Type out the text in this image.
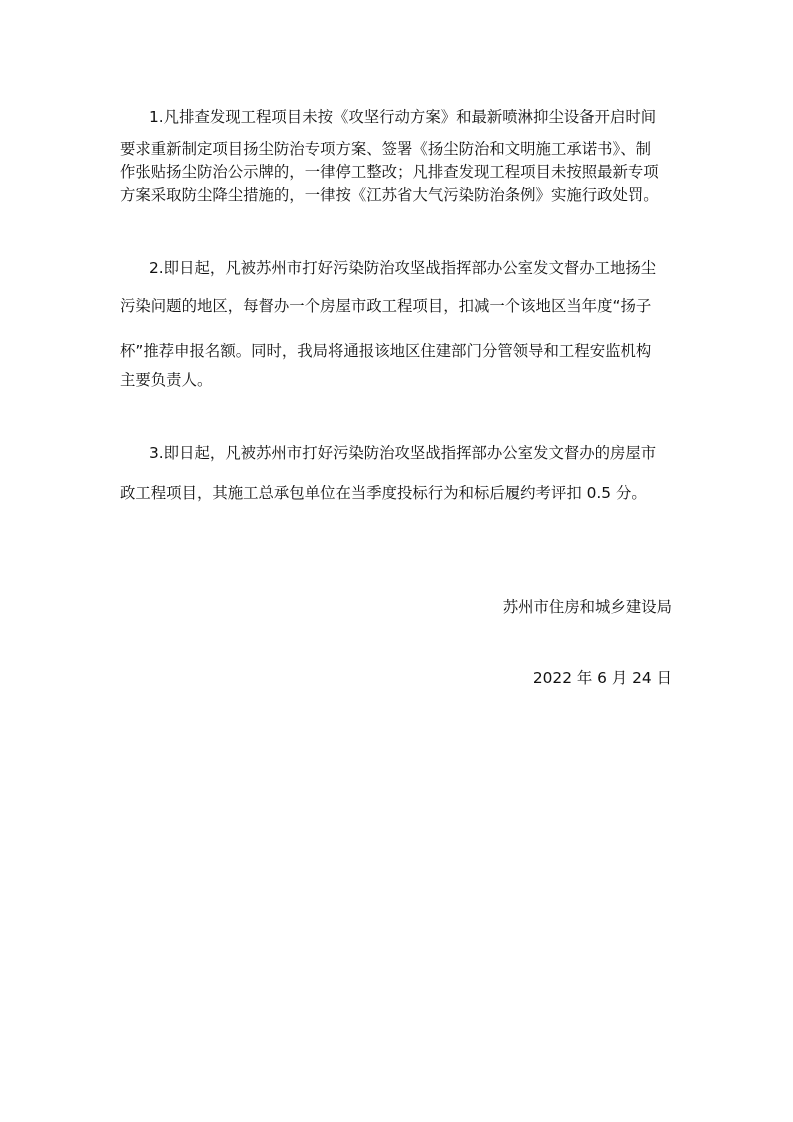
1.凡排查发现工程项目未按《攻坚行动方案》和最新喷淋抑尘设备开启时间
要求重新制定项目扬尘防治专项方案、签署《扬尘防治和文明施工承诺书》、制
作张贴扬尘防治公示牌的，一律停工整改；凡排查发现工程项目未按照最新专项
方案采取防尘降尘措施的，一律按《江苏省大气污染防治条例》实施行政处罚。
2.即日起，凡被苏州市打好污染防治攻坚战指挥部办公室发文督办工地扬尘
污染问题的地区，每督办一个房屋市政工程项目，扣减一个该地区当年度“扬子
杯”推荐申报名额。同时，我局将通报该地区住建部门分管领导和工程安监机构
主要负责人。
3.即日起，凡被苏州市打好污染防治攻坚战指挥部办公室发文督办的房屋市
政工程项目，其施工总承包单位在当季度投标行为和标后履约考评扣 0.5 分。
苏州市住房和城乡建设局
2022 年 6 月 24 日
